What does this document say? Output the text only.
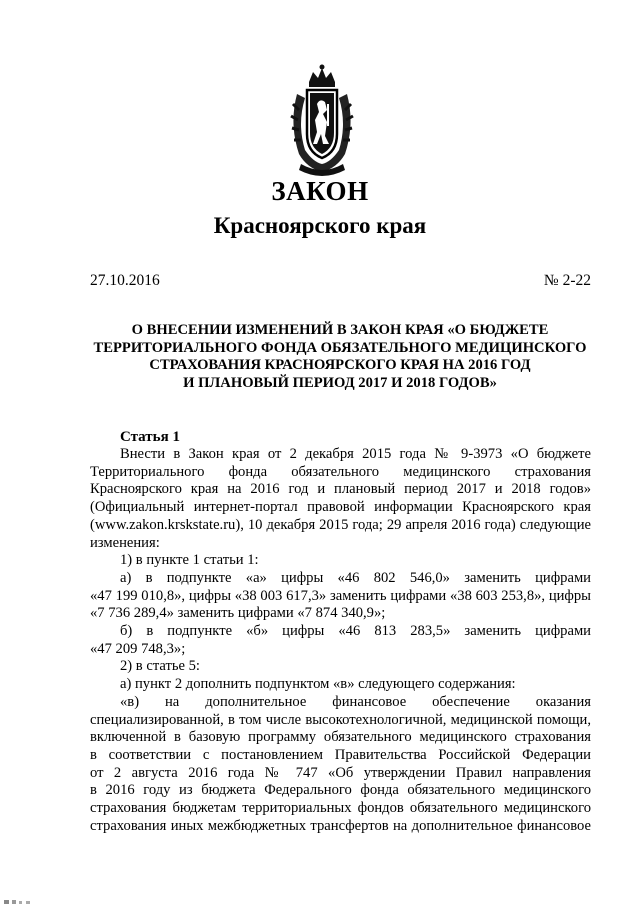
ЗАКОН
Красноярского края
27.10.2016	№ 2-22
О ВНЕСЕНИИ ИЗМЕНЕНИЙ В ЗАКОН КРАЯ «О БЮДЖЕТЕ
ТЕРРИТОРИАЛЬНОГО ФОНДА ОБЯЗАТЕЛЬНОГО МЕДИЦИНСКОГО
СТРАХОВАНИЯ КРАСНОЯРСКОГО КРАЯ НА 2016 ГОД
И ПЛАНОВЫЙ ПЕРИОД 2017 И 2018 ГОДОВ»
Статья 1
Внести в Закон края от 2 декабря 2015 года № 9-3973 «О бюджете
Территориального фонда обязательного медицинского страхования
Красноярского края на 2016 год и плановый период 2017 и 2018 годов»
(Официальный интернет-портал правовой информации Красноярского края
(www.zakon.krskstate.ru), 10 декабря 2015 года; 29 апреля 2016 года) следующие
изменения:
1) в пункте 1 статьи 1:
а) в подпункте «а» цифры «46 802 546,0» заменить цифрами
«47 199 010,8», цифры «38 003 617,3» заменить цифрами «38 603 253,8», цифры
«7 736 289,4» заменить цифрами «7 874 340,9»;
б) в подпункте «б» цифры «46 813 283,5» заменить цифрами
«47 209 748,3»;
2) в статье 5:
а) пункт 2 дополнить подпунктом «в» следующего содержания:
«в) на дополнительное финансовое обеспечение оказания
специализированной, в том числе высокотехнологичной, медицинской помощи,
включенной в базовую программу обязательного медицинского страхования
в соответствии с постановлением Правительства Российской Федерации
от 2 августа 2016 года № 747 «Об утверждении Правил направления
в 2016 году из бюджета Федерального фонда обязательного медицинского
страхования бюджетам территориальных фондов обязательного медицинского
страхования иных межбюджетных трансфертов на дополнительное финансовое
